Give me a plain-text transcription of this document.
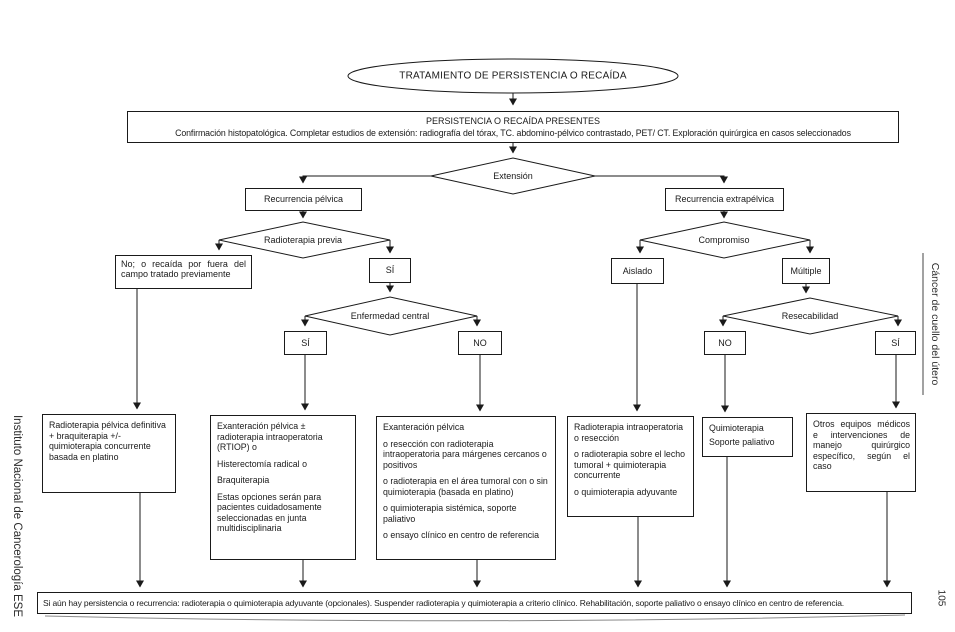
TRATAMIENTO DE PERSISTENCIA O RECAÍDA
PERSISTENCIA O RECAÍDA PRESENTES
Confirmación histopatológica. Completar estudios de extensión: radiografía del tórax, TC. abdomino-pélvico contrastado, PET/ CT. Exploración quirúrgica en casos seleccionados
Extensión
Radioterapia previa
Enfermedad central
Compromiso
Resecabilidad
Recurrencia pélvica	Recurrencia extrapélvica
No; o recaída por fuera del campo tratado previamente	SÍ
SÍ	NO
Aislado	Múltiple
NO	SÍ

Radioterapia pélvica definitiva + braquiterapia +/- quimioterapia concurrente basada en platino

Exanteración pélvica ± radioterapia intraoperatoria (RTIOP) o

Histerectomía radical o

Braquiterapia

Estas opciones serán para pacientes cuidadosamente seleccionadas en junta multidisciplinaria

Exanteración pélvica

o resección con radioterapia intraoperatoria para márgenes cercanos o positivos

o radioterapia en el área tumoral con o sin quimioterapia (basada en platino)

o quimioterapia sistémica, soporte paliativo

o ensayo clínico en centro de referencia

Radioterapia intraoperatoria o resección

o radioterapia sobre el lecho tumoral + quimioterapia concurrente

o quimioterapia adyuvante

Quimioterapia

Soporte paliativo

Otros equipos médicos e intervenciones de manejo quirúrgico específico, según el caso

Si aún hay persistencia o recurrencia: radioterapia o quimioterapia adyuvante (opcionales). Suspender radioterapia y quimioterapia a criterio clínico. Rehabilitación, soporte paliativo o ensayo clínico en centro de referencia.
Instituto Nacional de Cancerología ESE
Cáncer de cuello del útero
105
